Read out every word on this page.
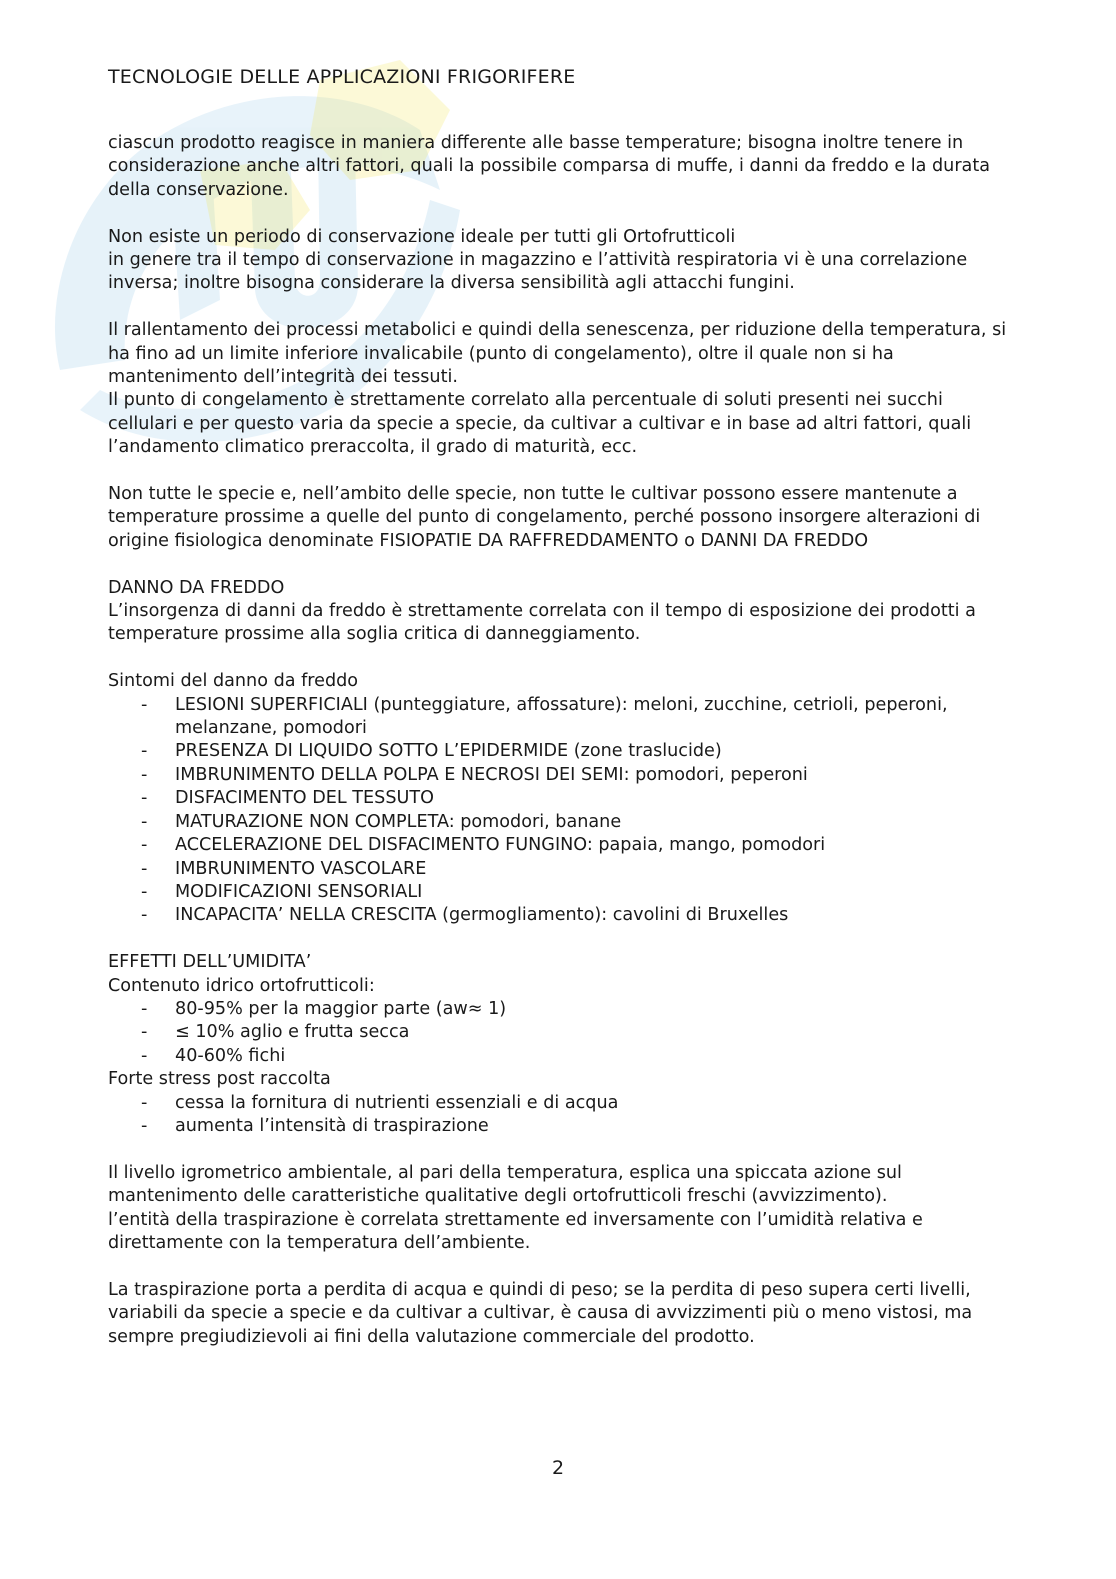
TECNOLOGIE DELLE APPLICAZIONI FRIGORIFERE

ciascun prodotto reagisce in maniera differente alle basse temperature; bisogna inoltre tenere in considerazione anche altri fattori, quali la possibile comparsa di muffe, i danni da freddo e la durata della conservazione.

Non esiste un periodo di conservazione ideale per tutti gli Ortofrutticoli

in genere tra il tempo di conservazione in magazzino e l’attività respiratoria vi è una correlazione inversa; inoltre bisogna considerare la diversa sensibilità agli attacchi fungini.

Il rallentamento dei processi metabolici e quindi della senescenza, per riduzione della temperatura, si ha fino ad un limite inferiore invalicabile (punto di congelamento), oltre il quale non si ha mantenimento dell’integrità dei tessuti.

Il punto di congelamento è strettamente correlato alla percentuale di soluti presenti nei succhi cellulari e per questo varia da specie a specie, da cultivar a cultivar e in base ad altri fattori, quali l’andamento climatico preraccolta, il grado di maturità, ecc.

Non tutte le specie e, nell’ambito delle specie, non tutte le cultivar possono essere mantenute a temperature prossime a quelle del punto di congelamento, perché possono insorgere alterazioni di origine fisiologica denominate FISIOPATIE DA RAFFREDDAMENTO o DANNI DA FREDDO

DANNO DA FREDDO

L’insorgenza di danni da freddo è strettamente correlata con il tempo di esposizione dei prodotti a temperature prossime alla soglia critica di danneggiamento.

Sintomi del danno da freddo

- LESIONI SUPERFICIALI (punteggiature, affossature): meloni, zucchine, cetrioli, peperoni, melanzane, pomodori
- PRESENZA DI LIQUIDO SOTTO L’EPIDERMIDE (zone traslucide)
- IMBRUNIMENTO DELLA POLPA E NECROSI DEI SEMI: pomodori, peperoni
- DISFACIMENTO DEL TESSUTO
- MATURAZIONE NON COMPLETA: pomodori, banane
- ACCELERAZIONE DEL DISFACIMENTO FUNGINO: papaia, mango, pomodori
- IMBRUNIMENTO VASCOLARE
- MODIFICAZIONI SENSORIALI
- INCAPACITA’ NELLA CRESCITA (germogliamento): cavolini di Bruxelles

EFFETTI DELL’UMIDITA’

Contenuto idrico ortofrutticoli:

- 80-95% per la maggior parte (aw≈ 1)
- ≤ 10% aglio e frutta secca
- 40-60% fichi

Forte stress post raccolta

- cessa la fornitura di nutrienti essenziali e di acqua
- aumenta l’intensità di traspirazione

Il livello igrometrico ambientale, al pari della temperatura, esplica una spiccata azione sul mantenimento delle caratteristiche qualitative degli ortofrutticoli freschi (avvizzimento).

l’entità della traspirazione è correlata strettamente ed inversamente con l’umidità relativa e direttamente con la temperatura dell’ambiente.

La traspirazione porta a perdita di acqua e quindi di peso; se la perdita di peso supera certi livelli, variabili da specie a specie e da cultivar a cultivar, è causa di avvizzimenti più o meno vistosi, ma sempre pregiudizievoli ai fini della valutazione commerciale del prodotto.

2
